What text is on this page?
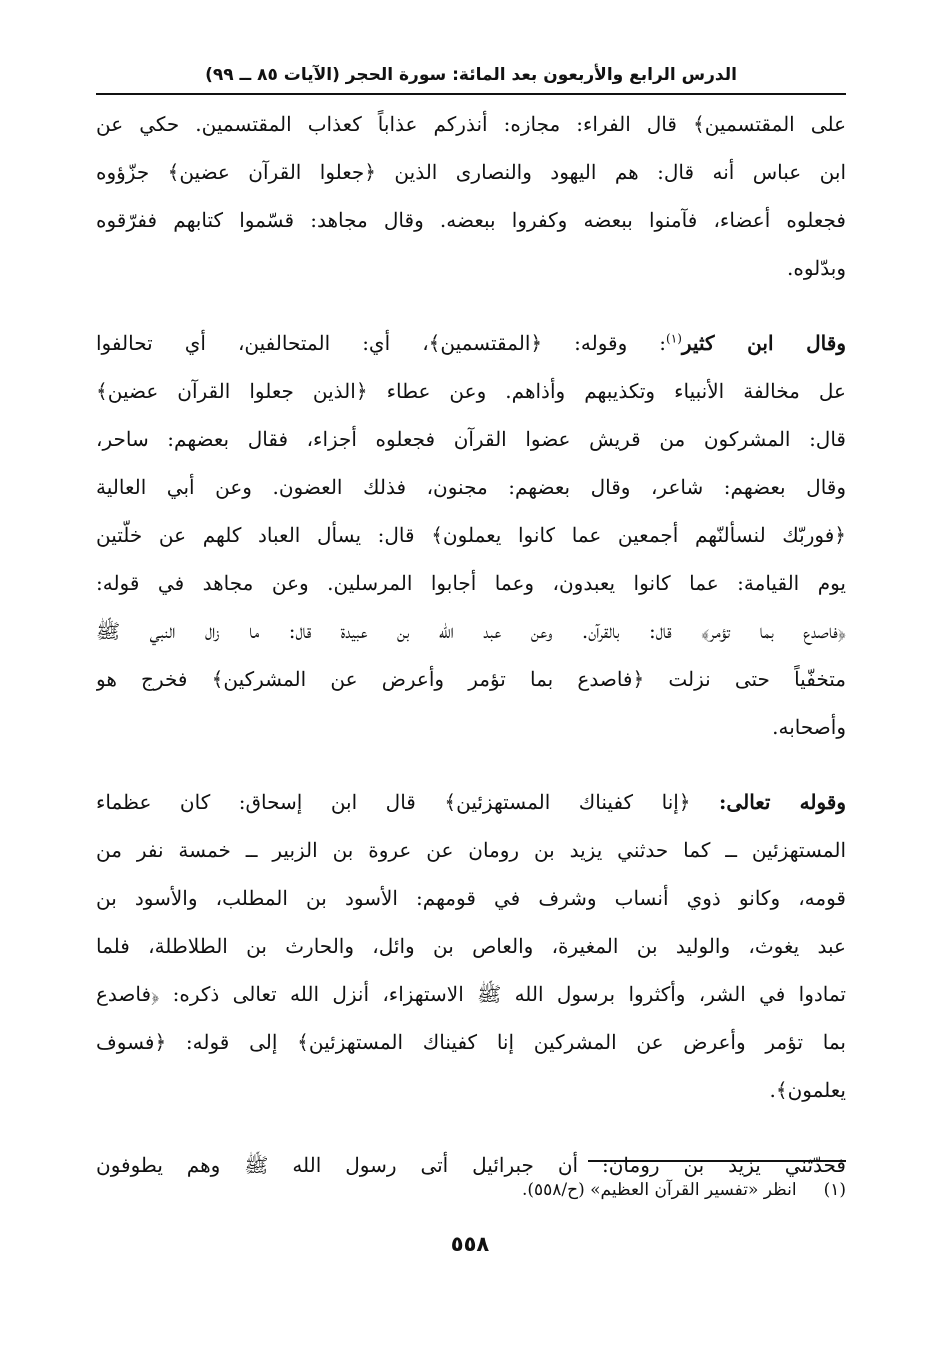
الدرس الرابع والأربعون بعد المائة: سورة الحجر (الآيات ٨٥ ــ ٩٩)
على المقتسمين﴾ قال الفراء: مجازه: أنذركم عذاباً كعذاب المقتسمين. حكي عن
ابن عباس أنه قال: هم اليهود والنصارى الذين ﴿جعلوا القرآن عضين﴾ جزّؤوه
فجعلوه أعضاء، فآمنوا ببعضه وكفروا ببعضه. وقال مجاهد: قسّموا كتابهم ففرّقوه
وبدّلوه.
وقال ابن كثير$^{(١)}$: وقوله: ﴿المقتسمين﴾، أي: المتحالفين، أي تحالفوا
عل مخالفة الأنبياء وتكذيبهم وأذاهم. وعن عطاء ﴿الذين جعلوا القرآن عضين﴾
قال: المشركون من قريش عضوا القرآن فجعلوه أجزاء، فقال بعضهم: ساحر،
وقال بعضهم: شاعر، وقال بعضهم: مجنون، فذلك العضون. وعن أبي العالية
﴿فوربّك لنسألنّهم أجمعين عما كانوا يعملون﴾ قال: يسأل العباد كلهم عن خلّتين
يوم القيامة: عما كانوا يعبدون، وعما أجابوا المرسلين. وعن مجاهد في قوله:
﴿فاصدع بما تؤمر﴾ قال: بالقرآن. وعن عبد الله بن عبيدة قال: ما زال النبي ﷺ
متخفّياً حتى نزلت ﴿فاصدع بما تؤمر وأعرض عن المشركين﴾ فخرج هو
وأصحابه.
وقوله تعالى: ﴿إنا كفيناك المستهزئين﴾ قال ابن إسحاق: كان عظماء
المستهزئين ــ كما حدثني يزيد بن رومان عن عروة بن الزبير ــ خمسة نفر من
قومه، وكانو ذوي أنساب وشرف في قومهم: الأسود بن المطلب، والأسود بن
عبد يغوث، والوليد بن المغيرة، والعاص بن وائل، والحارث بن الطلاطلة، فلما
تمادوا في الشر، وأكثروا برسول الله ﷺ الاستهزاء، أنزل الله تعالى ذكره: ﴿فاصدع
بما تؤمر وأعرض عن المشركين إنا كفيناك المستهزئين﴾ إلى قوله: ﴿فسوف
يعلمون﴾.
فحدّثني يزيد بن رومان: أن جبرائيل أتى رسول الله ﷺ وهم يطوفون
(١)     انظر «تفسير القرآن العظيم» (ح/٥٥٨).
٥٥٨
